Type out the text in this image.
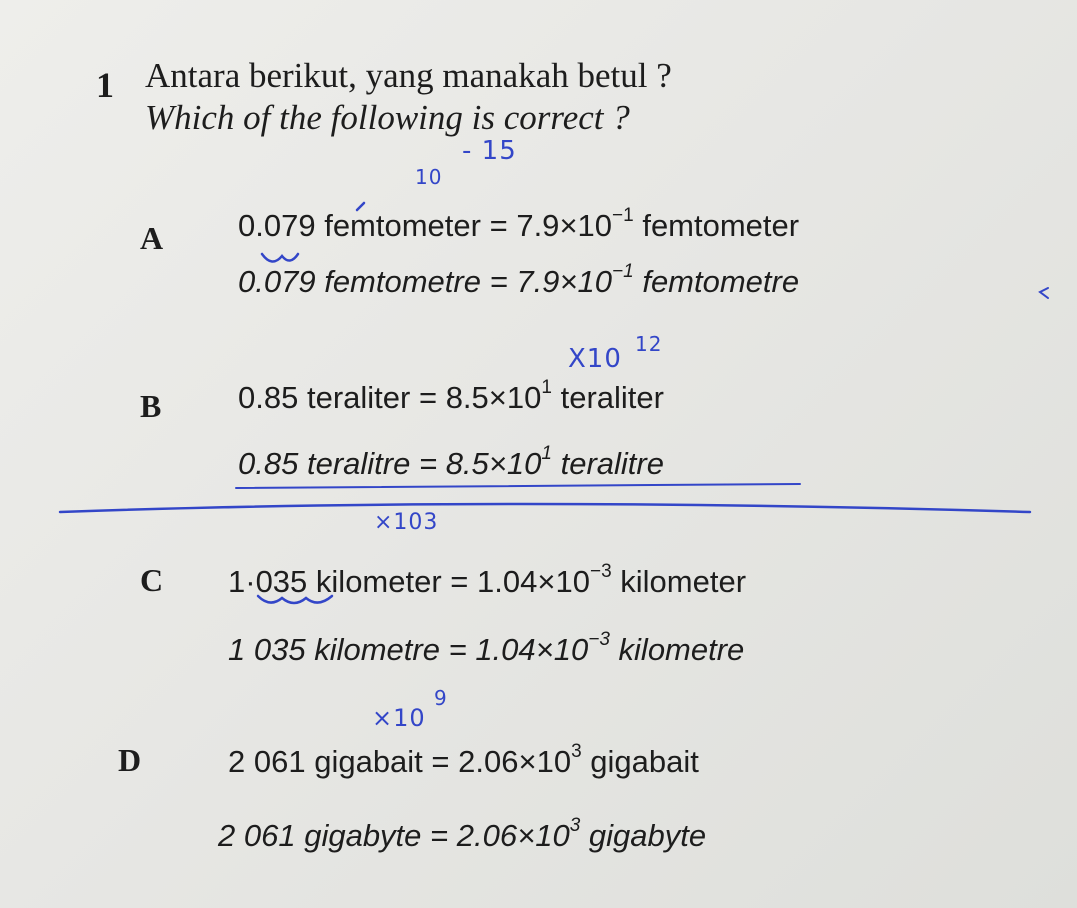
1 Antara berikut, yang manakah betul ?
Which of the following is correct ?
A 0.079 femtometer = $7.9\times 10^{-1}$ femtometer
0.079 femtometre = $7.9\times 10^{-1}$ femtometre
B 0.85 teraliter = $8.5\times 10^1$ teraliter
0.85 teralitre = $8.5\times 10^1$ teralitre
C 1·035 kilometer = $1.04\times 10^{-3}$ kilometer
1 035 kilometre = $1.04\times 10^{-3}$ kilometre
D	2 061 gigabait = $2.06\times 10^3$ gigabait
2 061 gigabyte = $2.06\times 10^3$ gigabyte
- 15
10
X10 12
×103
×10
9
